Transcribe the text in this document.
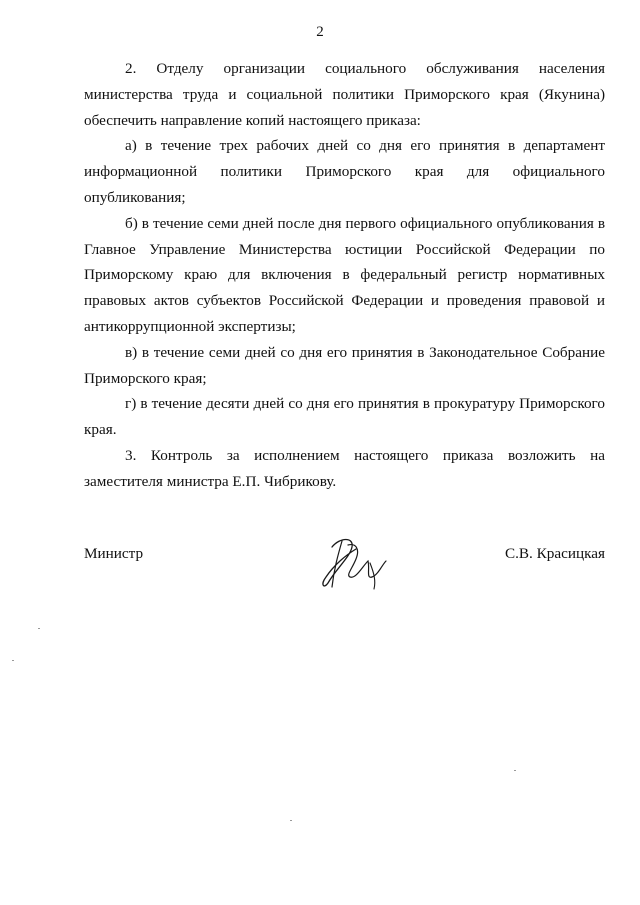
2

2. Отделу организации социального обслуживания населения министерства труда и социальной политики Приморского края (Якунина) обеспечить направление копий настоящего приказа:

а) в течение трех рабочих дней со дня его принятия в департамент информационной политики Приморского края для официального опубликования;

б) в течение семи дней после дня первого официального опубликования в Главное Управление Министерства юстиции Российской Федерации по Приморскому краю для включения в федеральный регистр нормативных правовых актов субъектов Российской Федерации и проведения правовой и антикоррупционной экспертизы;

в) в течение семи дней со дня его принятия в Законодательное Собрание Приморского края;

г) в течение десяти дней со дня его принятия в прокуратуру Приморского края.

3. Контроль за исполнением настоящего приказа возложить на заместителя министра Е.П. Чибрикову.

Министр	С.В. Красицкая
